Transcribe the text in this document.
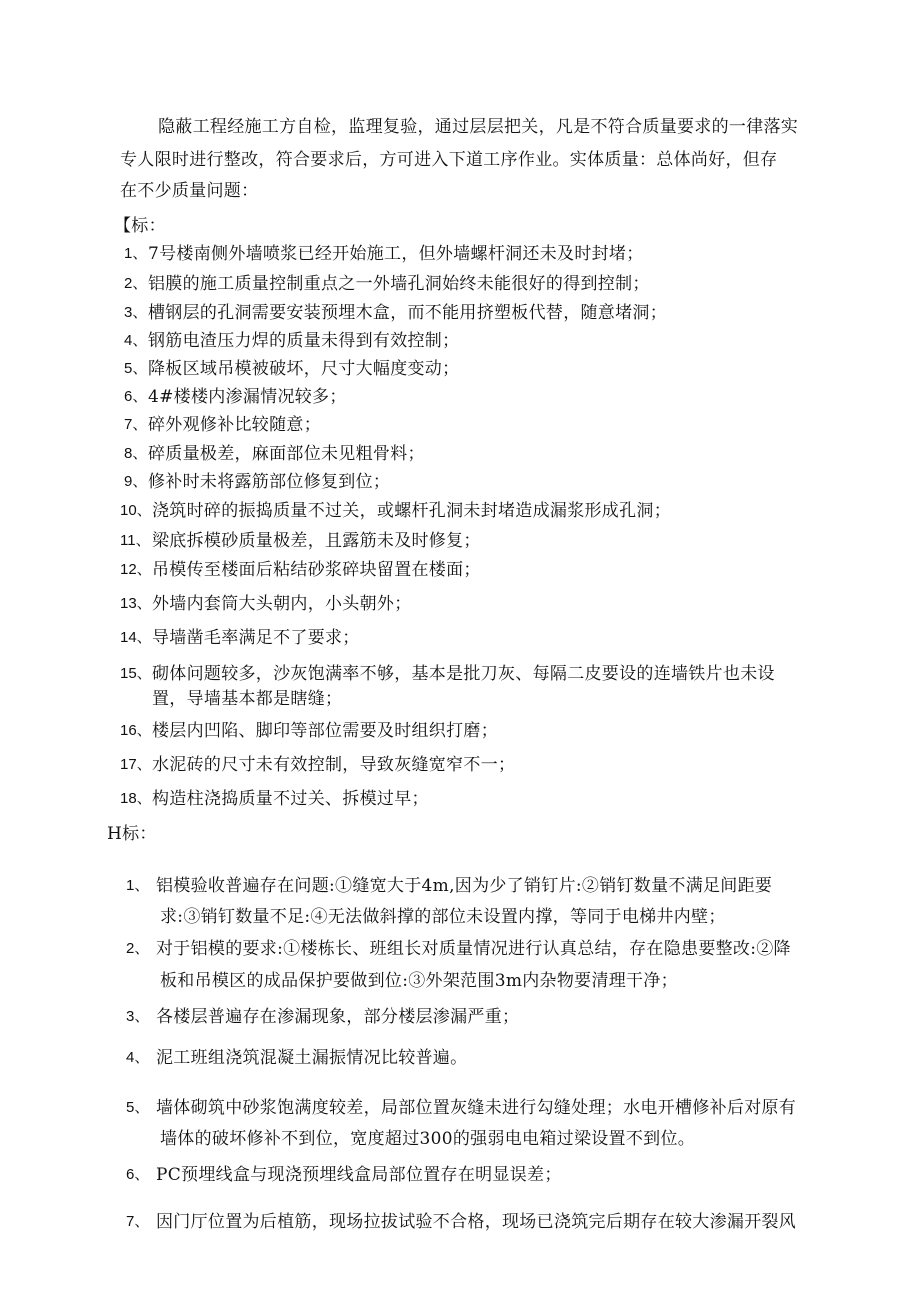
隐蔽工程经施工方自检，监理复验，通过层层把关，凡是不符合质量要求的一律落实
专人限时进行整改，符合要求后，方可进入下道工序作业。实体质量：总体尚好，但存
在不少质量问题：
【标：
1、 7号楼南侧外墙喷浆已经开始施工，但外墙螺杆洞还未及时封堵；
2、 铝膜的施工质量控制重点之一外墙孔洞始终未能很好的得到控制；
3、 槽钢层的孔洞需要安装预埋木盒，而不能用挤塑板代替，随意堵洞；
4、 钢筋电渣压力焊的质量未得到有效控制；
5、 降板区域吊模被破坏，尺寸大幅度变动；
6、 4#楼楼内渗漏情况较多；
7、 碎外观修补比较随意；
8、 碎质量极差，麻面部位未见粗骨料；
9、 修补时未将露筋部位修复到位；
10、 浇筑时碎的振捣质量不过关，或螺杆孔洞未封堵造成漏浆形成孔洞；
11、 梁底拆模砂质量极差，且露筋未及时修复；
12、 吊模传至楼面后粘结砂浆碎块留置在楼面；
13、 外墙内套筒大头朝内，小头朝外；
14、 导墙凿毛率满足不了要求；
15、 砌体问题较多，沙灰饱满率不够，基本是批刀灰、每隔二皮要设的连墙铁片也未设
置，导墙基本都是瞎缝；
16、 楼层内凹陷、脚印等部位需要及时组织打磨；
17、 水泥砖的尺寸未有效控制，导致灰缝宽窄不一；
18、 构造柱浇捣质量不过关、拆模过早；
H标：
1、 铝模验收普遍存在问题:①缝宽大于4m,因为少了销钉片:②销钉数量不满足间距要
求:③销钉数量不足:④无法做斜撑的部位未设置内撑，等同于电梯井内壁；
2、 对于铝模的要求:①楼栋长、班组长对质量情况进行认真总结，存在隐患要整改:②降
板和吊模区的成品保护要做到位:③外架范围3m内杂物要清理干净；
3、 各楼层普遍存在渗漏现象，部分楼层渗漏严重；
4、 泥工班组浇筑混凝土漏振情况比较普遍。
5、 墙体砌筑中砂浆饱满度较差，局部位置灰缝未进行勾缝处理；水电开槽修补后对原有
墙体的破坏修补不到位，宽度超过300的强弱电电箱过梁设置不到位。
6、 PC预埋线盒与现浇预埋线盒局部位置存在明显误差；
7、 因门厅位置为后植筋，现场拉拔试验不合格，现场已浇筑完后期存在较大渗漏开裂风
